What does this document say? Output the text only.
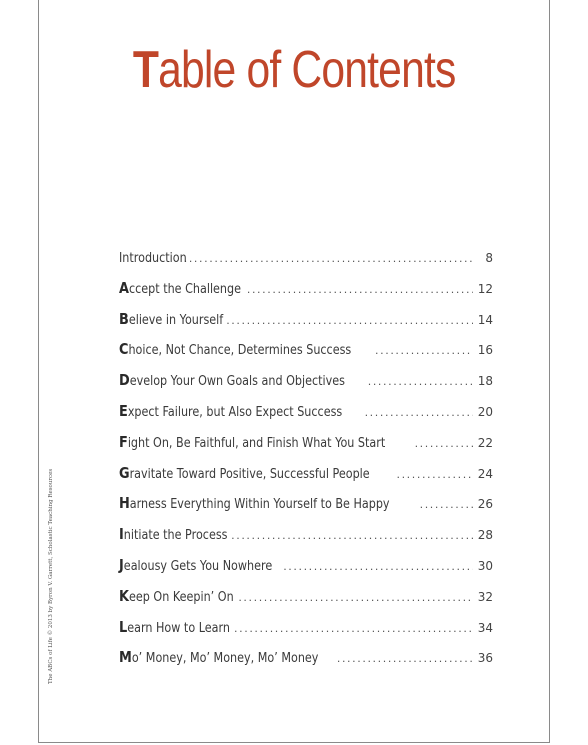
Table of Contents
Introduction .....	8
Accept the Challenge .....	12
Believe in Yourself .....	14
Choice, Not Chance, Determines Success .....	16
Develop Your Own Goals and Objectives .....	18
Expect Failure, but Also Expect Success .....	20
Fight On, Be Faithful, and Finish What You Start .....	22
Gravitate Toward Positive, Successful People .....	24
Harness Everything Within Yourself to Be Happy .....	26
Initiate the Process .....	28
Jealousy Gets You Nowhere .....	30
Keep On Keepin’ On .....	32
Learn How to Learn .....	34
Mo’ Money, Mo’ Money, Mo’ Money .....	36
The ABCs of Life © 2013 by Byron V. Garrett, Scholastic Teaching Resources
